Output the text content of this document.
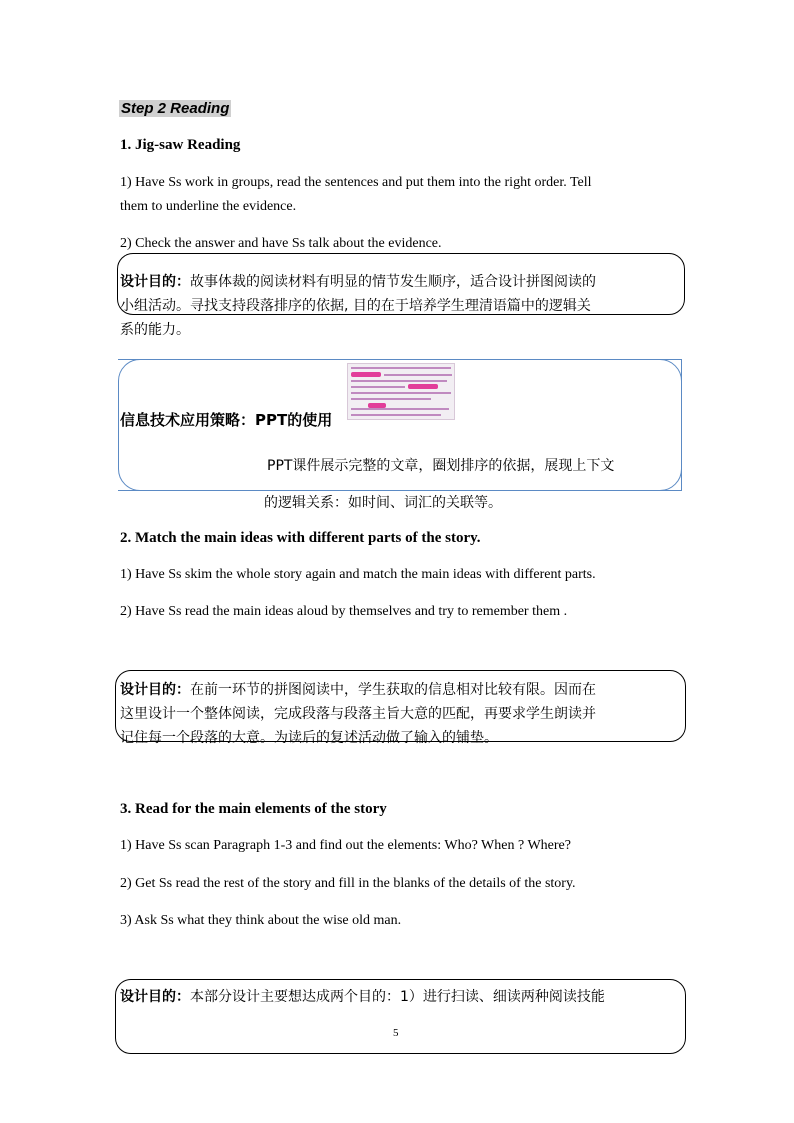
Step 2 Reading
1. Jig-saw Reading
1) Have Ss work in groups, read the sentences and put them into the right order. Tell
them to underline the evidence.
2) Check the answer and have Ss talk about the evidence.
设计目的：故事体裁的阅读材料有明显的情节发生顺序，适合设计拼图阅读的
小组活动。寻找支持段落排序的依据, 目的在于培养学生理清语篇中的逻辑关
系的能力。
信息技术应用策略：PPT的使用
PPT课件展示完整的文章，圈划排序的依据，展现上下文
的逻辑关系：如时间、词汇的关联等。
2. Match the main ideas with different parts of the story.
1) Have Ss skim the whole story again and match the main ideas with different parts.
2) Have Ss read the main ideas aloud by themselves and try to remember them .
设计目的：在前一环节的拼图阅读中，学生获取的信息相对比较有限。因而在
这里设计一个整体阅读，完成段落与段落主旨大意的匹配，再要求学生朗读并
记住每一个段落的大意。为读后的复述活动做了输入的铺垫。
3. Read for the main elements of the story
1) Have Ss scan Paragraph 1-3 and find out the elements: Who? When ? Where?
2) Get Ss read the rest of the story and fill in the blanks of the details of the story.
3) Ask Ss what they think about the wise old man.
设计目的：本部分设计主要想达成两个目的：1）进行扫读、细读两种阅读技能
5
